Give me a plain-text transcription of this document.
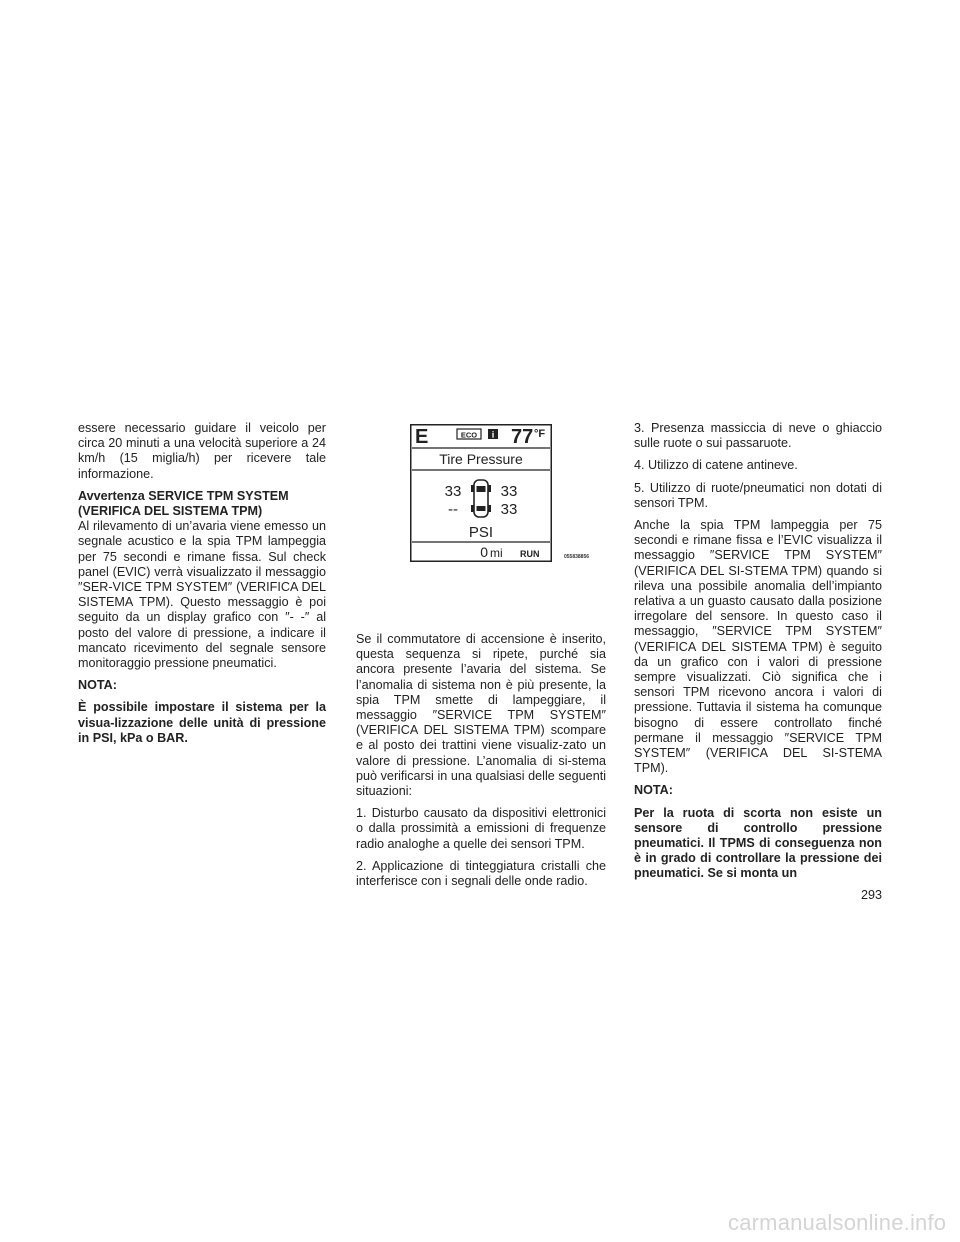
essere necessario guidare il veicolo per circa 20 minuti a una velocità superiore a 24 km/h (15 miglia/h) per ricevere tale informazione.

Avvertenza SERVICE TPM SYSTEM
(VERIFICA DEL SISTEMA TPM)

Al rilevamento di un’avaria viene emesso un segnale acustico e la spia TPM lampeggia per 75 secondi e rimane fissa. Sul check panel (EVIC) verrà visualizzato il messaggio ″SER-VICE TPM SYSTEM″ (VERIFICA DEL SISTEMA TPM). Questo messaggio è poi seguito da un display grafico con ″- -″ al posto del valore di pressione, a indicare il mancato ricevimento del segnale sensore monitoraggio pressione pneumatici.

NOTA:

È possibile impostare il sistema per la visua-lizzazione delle unità di pressione in PSI, kPa o BAR.

E	ECO i 77 °F
Tire Pressure
33	33
--	33
PSI
0 mi RUN	055838856

Se il commutatore di accensione è inserito, questa sequenza si ripete, purché sia ancora presente l’avaria del sistema. Se l’anomalia di sistema non è più presente, la spia TPM smette di lampeggiare, il messaggio ″SERVICE TPM SYSTEM″ (VERIFICA DEL SISTEMA TPM) scompare e al posto dei trattini viene visualiz-zato un valore di pressione. L’anomalia di si-stema può verificarsi in una qualsiasi delle seguenti situazioni:

1. Disturbo causato da dispositivi elettronici o dalla prossimità a emissioni di frequenze radio analoghe a quelle dei sensori TPM.

2. Applicazione di tinteggiatura cristalli che interferisce con i segnali delle onde radio.

3. Presenza massiccia di neve o ghiaccio sulle ruote o sui passaruote.

4. Utilizzo di catene antineve.

5. Utilizzo di ruote/pneumatici non dotati di sensori TPM.

Anche la spia TPM lampeggia per 75 secondi e rimane fissa e l’EVIC visualizza il messaggio ″SERVICE TPM SYSTEM″ (VERIFICA DEL SI-STEMA TPM) quando si rileva una possibile anomalia dell’impianto relativa a un guasto causato dalla posizione irregolare del sensore. In questo caso il messaggio, ″SERVICE TPM SYSTEM″ (VERIFICA DEL SISTEMA TPM) è seguito da un grafico con i valori di pressione sempre visualizzati. Ciò significa che i sensori TPM ricevono ancora i valori di pressione. Tuttavia il sistema ha comunque bisogno di essere controllato finché permane il messaggio ″SERVICE TPM SYSTEM″ (VERIFICA DEL SI-STEMA TPM).

NOTA:

Per la ruota di scorta non esiste un sensore di controllo pressione pneumatici. Il TPMS di conseguenza non è in grado di controllare la pressione dei pneumatici. Se si monta un

293
carmanualsonline.info
